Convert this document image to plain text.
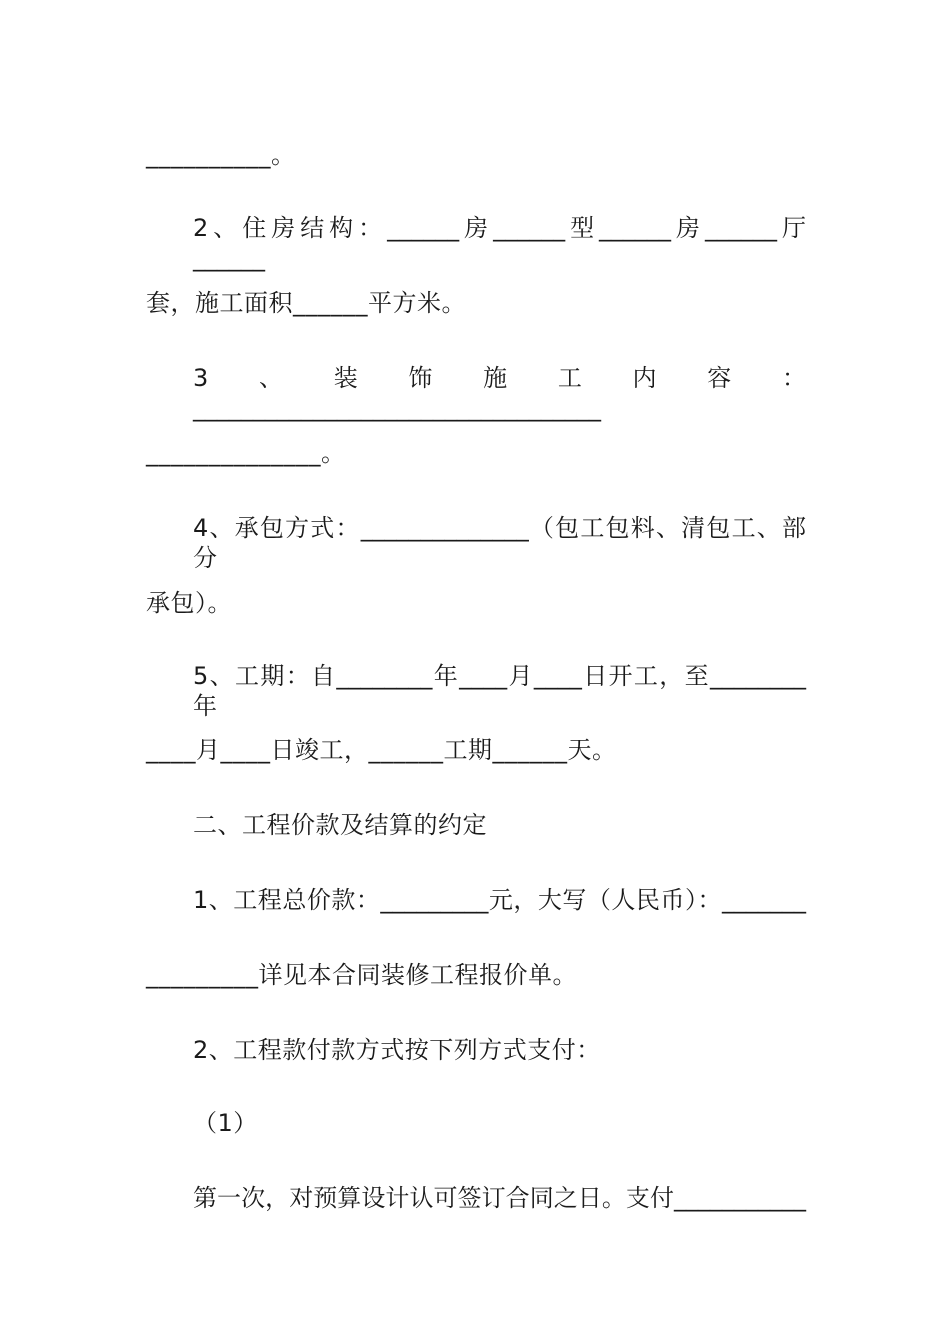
__________。
2、住房结构：______房______型______房______厅______
套，施工面积______平方米。
3、装饰施工内容：__________________________________
______________。
4、承包方式：______________（包工包料、清包工、部分
承包）。
5、工期：自________年____月____日开工，至________年
____月____日竣工，______工期______天。
二、工程价款及结算的约定
1、工程总价款：_________元，大写（人民币）：_______
_________详见本合同装修工程报价单。
2、工程款付款方式按下列方式支付：
（1）
第一次，对预算设计认可签订合同之日。支付___________
